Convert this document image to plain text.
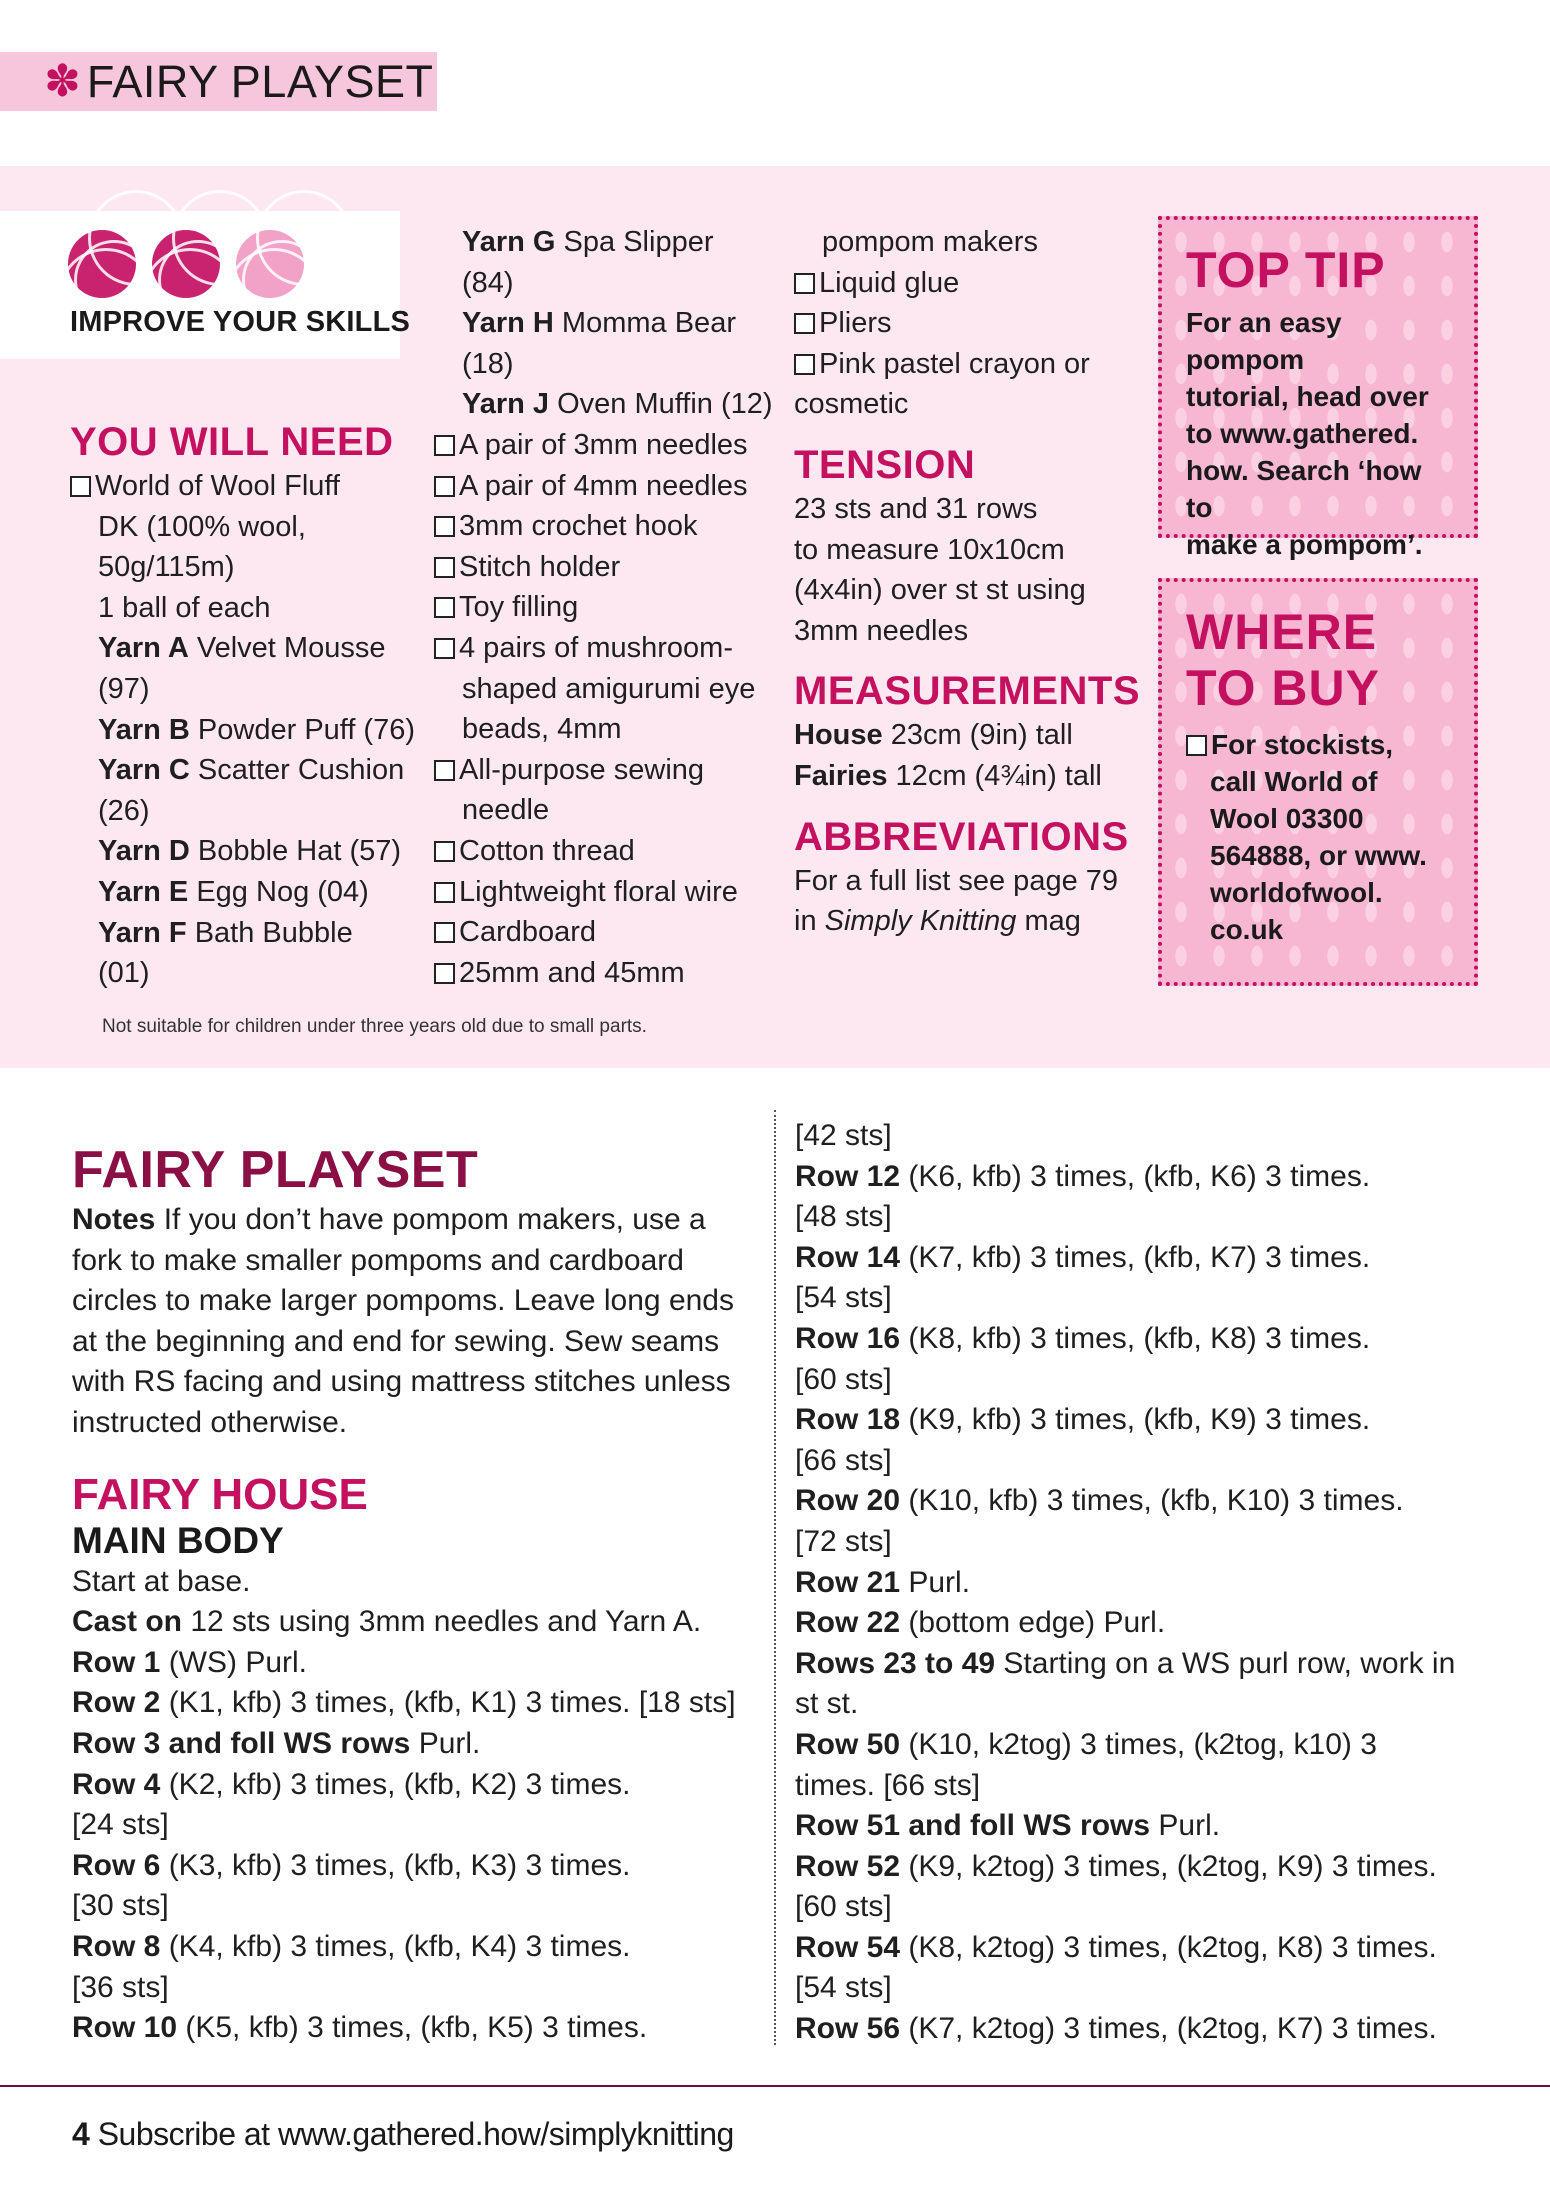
✽ FAIRY PLAYSET
IMPROVE YOUR SKILLS
YOU WILL NEED

World of Wool Fluff

DK (100% wool,

50g/115m)

1 ball of each

Yarn A Velvet Mousse

(97)

Yarn B Powder Puff (76)

Yarn C Scatter Cushion

(26)

Yarn D Bobble Hat (57)

Yarn E Egg Nog (04)

Yarn F Bath Bubble

(01)

Yarn G Spa Slipper

(84)

Yarn H Momma Bear

(18)

Yarn J Oven Muffin (12)

A pair of 3mm needles

A pair of 4mm needles

3mm crochet hook

Stitch holder

Toy filling

4 pairs of mushroom-

shaped amigurumi eye

beads, 4mm

All-purpose sewing

needle

Cotton thread

Lightweight floral wire

Cardboard

25mm and 45mm

pompom makers

Liquid glue

Pliers

Pink pastel crayon or

cosmetic

TENSION

23 sts and 31 rows

to measure 10x10cm

(4x4in) over st st using

3mm needles

MEASUREMENTS

House 23cm (9in) tall

Fairies 12cm (4¾in) tall

ABBREVIATIONS

For a full list see page 79

in Simply Knitting mag

TOP TIP

For an easy pompom

tutorial, head over

to www.gathered.

how. Search ‘how to

make a pompom’.

WHERE
TO BUY

For stockists,

call World of

Wool 03300

564888, or www.

worldofwool.

co.uk

Not suitable for children under three years old due to small parts.
FAIRY PLAYSET

Notes If you don’t have pompom makers, use a

fork to make smaller pompoms and cardboard

circles to make larger pompoms. Leave long ends

at the beginning and end for sewing. Sew seams

with RS facing and using mattress stitches unless

instructed otherwise.

FAIRY HOUSE
MAIN BODY

Start at base.

Cast on 12 sts using 3mm needles and Yarn A.

Row 1 (WS) Purl.

Row 2 (K1, kfb) 3 times, (kfb, K1) 3 times. [18 sts]

Row 3 and foll WS rows Purl.

Row 4 (K2, kfb) 3 times, (kfb, K2) 3 times.

[24 sts]

Row 6 (K3, kfb) 3 times, (kfb, K3) 3 times.

[30 sts]

Row 8 (K4, kfb) 3 times, (kfb, K4) 3 times.

[36 sts]

Row 10 (K5, kfb) 3 times, (kfb, K5) 3 times.

[42 sts]

Row 12 (K6, kfb) 3 times, (kfb, K6) 3 times.

[48 sts]

Row 14 (K7, kfb) 3 times, (kfb, K7) 3 times.

[54 sts]

Row 16 (K8, kfb) 3 times, (kfb, K8) 3 times.

[60 sts]

Row 18 (K9, kfb) 3 times, (kfb, K9) 3 times.

[66 sts]

Row 20 (K10, kfb) 3 times, (kfb, K10) 3 times.

[72 sts]

Row 21 Purl.

Row 22 (bottom edge) Purl.

Rows 23 to 49 Starting on a WS purl row, work in

st st.

Row 50 (K10, k2tog) 3 times, (k2tog, k10) 3

times. [66 sts]

Row 51 and foll WS rows Purl.

Row 52 (K9, k2tog) 3 times, (k2tog, K9) 3 times.

[60 sts]

Row 54 (K8, k2tog) 3 times, (k2tog, K8) 3 times.

[54 sts]

Row 56 (K7, k2tog) 3 times, (k2tog, K7) 3 times.

4 Subscribe at www.gathered.how/simplyknitting
